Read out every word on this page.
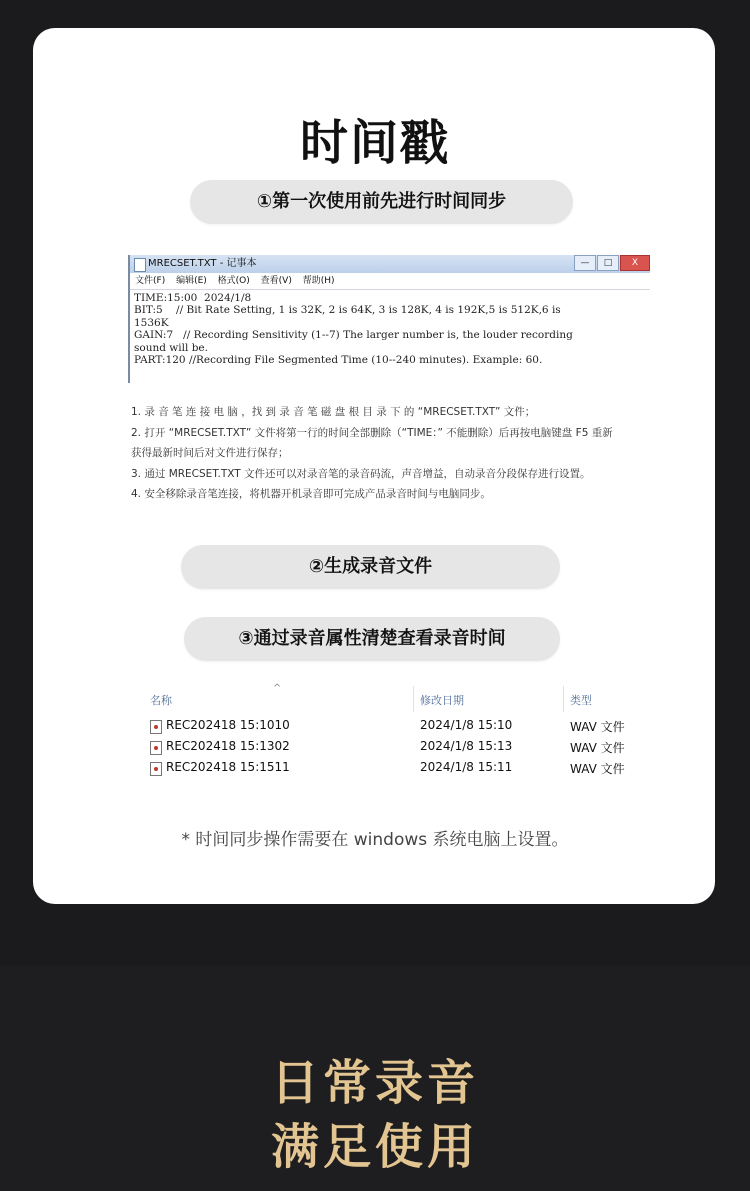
时间戳
①第一次使用前先进行时间同步
MRECSET.TXT - 记事本	—	□	X
文件(F) 编辑(E) 格式(O) 查看(V) 帮助(H)
TIME:15:00  2024/1/8
BIT:5    // Bit Rate Setting, 1 is 32K, 2 is 64K, 3 is 128K, 4 is 192K,5 is 512K,6 is
1536K
GAIN:7   // Recording Sensitivity (1--7) The larger number is, the louder recording
sound will be.
PART:120 //Recording File Segmented Time (10--240 minutes). Example: 60.
1. 录 音 笔 连 接 电 脑 ，找 到 录 音 笔 磁 盘 根 目 录 下 的 “MRECSET.TXT” 文件；
2. 打开 “MRECSET.TXT” 文件将第一行的时间全部删除（“TIME：” 不能删除）后再按电脑键盘 F5 重新
获得最新时间后对文件进行保存；
3. 通过 MRECSET.TXT 文件还可以对录音笔的录音码流，声音增益，自动录音分段保存进行设置。
4. 安全移除录音笔连接，将机器开机录音即可完成产品录音时间与电脑同步。
②生成录音文件
③通过录音属性清楚查看录音时间
^
名称	修改日期	类型
REC202418 15:1010	2024/1/8 15:10	WAV 文件
REC202418 15:1302	2024/1/8 15:13	WAV 文件
REC202418 15:1511	2024/1/8 15:11	WAV 文件
* 时间同步操作需要在 windows 系统电脑上设置。
日常录音
满足使用
